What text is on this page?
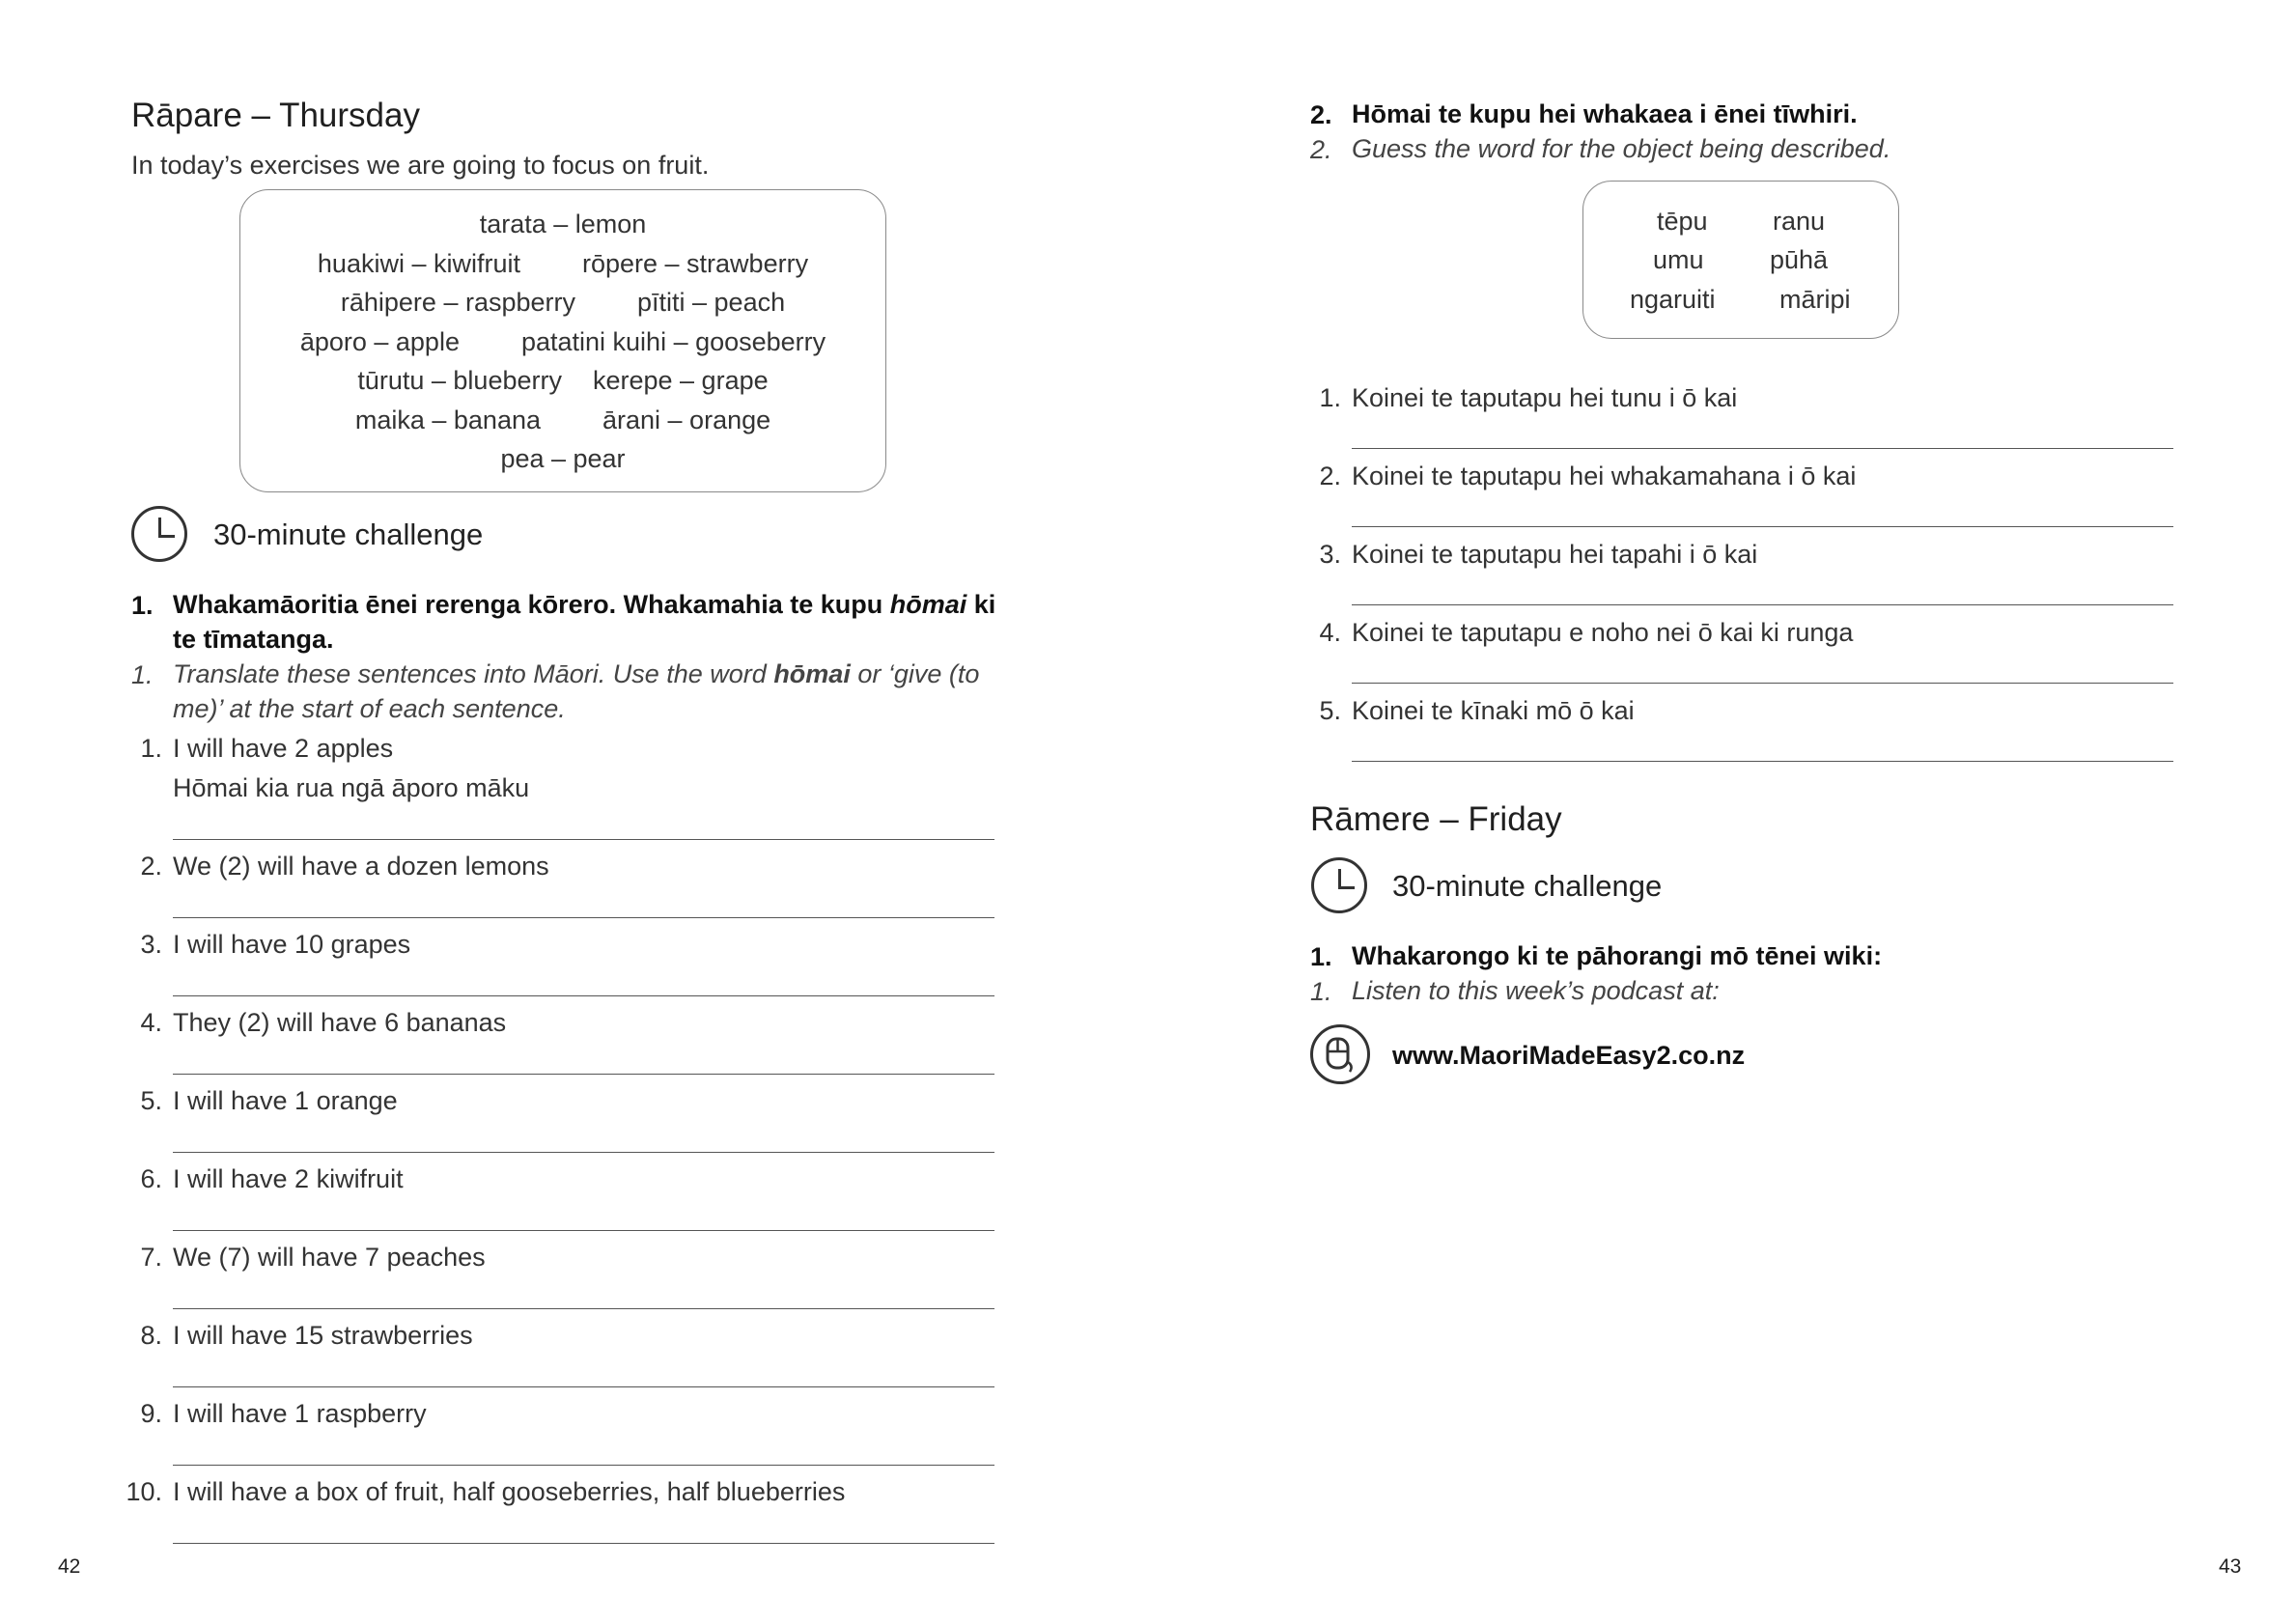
Rāpare – Thursday
In today’s exercises we are going to focus on fruit.
tarata – lemon
huakiwi – kiwifruit rōpere – strawberry
rāhipere – raspberry pītiti – peach
āporo – apple patatini kuihi – gooseberry
tūrutu – blueberry kerepe – grape
maika – banana ārani – orange
pea – pear
30-minute challenge
1. Whakamāoritia ēnei rerenga kōrero. Whakamahia te kupu hōmai ki
te tīmatanga.
1. Translate these sentences into Māori. Use the word hōmai or ‘give (to
me)’ at the start of each sentence.
1. I will have 2 apples
Hōmai kia rua ngā āporo māku
2. We (2) will have a dozen lemons
3. I will have 10 grapes
4. They (2) will have 6 bananas
5. I will have 1 orange
6. I will have 2 kiwifruit
7. We (7) will have 7 peaches
8. I will have 15 strawberries
9. I will have 1 raspberry
10. I will have a box of fruit, half gooseberries, half blueberries
42
2. Hōmai te kupu hei whakaea i ēnei tīwhiri.
2. Guess the word for the object being described.
tēpu ranu
umu	pūhā
ngaruiti māripi
1. Koinei te taputapu hei tunu i ō kai
2. Koinei te taputapu hei whakamahana i ō kai
3. Koinei te taputapu hei tapahi i ō kai
4. Koinei te taputapu e noho nei ō kai ki runga
5. Koinei te kīnaki mō ō kai
Rāmere – Friday
30-minute challenge
1. Whakarongo ki te pāhorangi mō tēnei wiki:
1. Listen to this week’s podcast at:
www.MaoriMadeEasy2.co.nz
43
